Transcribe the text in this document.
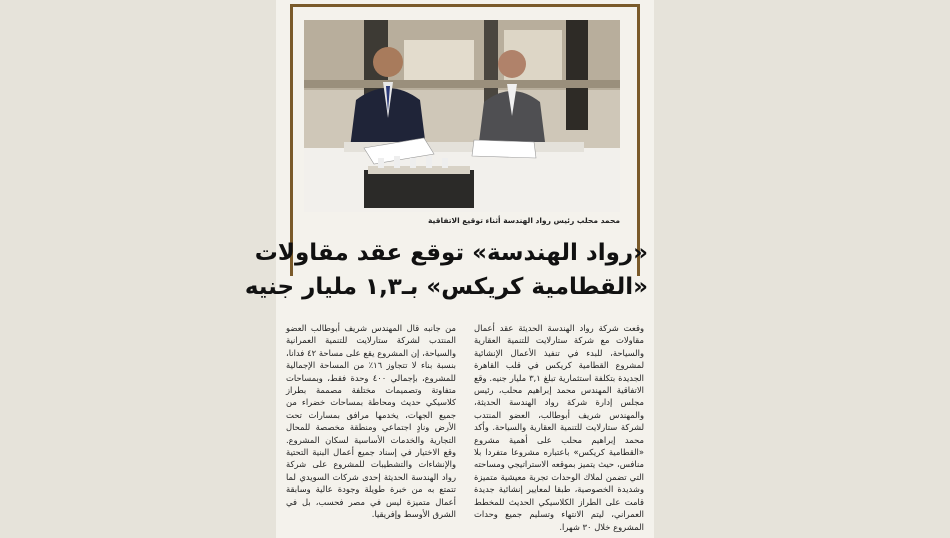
محمد محلب رئيس رواد الهندسة أثناء توقيع الاتفاقية
«رواد الهندسة» توقع عقد مقاولات
«القطامية كريكس» بـ١,٣ مليار جنيه

وقعت شركة رواد الهندسة الحديثة عقد أعمال مقاولات مع شركة ستارلايت للتنمية العقارية والسياحة، للبدء في تنفيذ الأعمال الإنشائية لمشروع القطامية كريكس في قلب القاهرة الجديدة بتكلفة استثمارية تبلغ ٣,١ مليار جنيه. وقع الاتفاقية المهندس محمد إبراهيم محلب، رئيس مجلس إدارة شركة رواد الهندسة الحديثة، والمهندس شريف أبوطالب، العضو المنتدب لشركة ستارلايت للتنمية العقارية والسياحة. وأكد محمد إبراهيم محلب على أهمية مشروع «القطامية كريكس» باعتباره مشروعا متفردا بلا منافس، حيث يتميز بموقعه الاستراتيجي ومساحته التي تضمن لملاك الوحدات تجربة معيشية متميزة وشديدة الخصوصية، طبقا لمعايير إنشائية جديدة قامت على الطراز الكلاسيكي الحديث للمخطط العمراني، ليتم الانتهاء وتسليم جميع وحدات المشروع خلال ٣٠ شهرا.

من جانبه قال المهندس شريف أبوطالب العضو المنتدب لشركة ستارلايت للتنمية العمرانية والسياحة، إن المشروع يقع على مساحة ٤٢ فدانا، بنسبة بناء لا تتجاوز ١٦٪ من المساحة الإجمالية للمشروع، بإجمالي ٤٠٠ وحدة فقط، وبمساحات متفاوتة وتصميمات مختلفة مصممة بطراز كلاسيكي حديث ومحاطة بمساحات خضراء من جميع الجهات، يخدمها مرافق بمسارات تحت الأرض ونادٍ اجتماعي ومنطقة مخصصة للمحال التجارية والخدمات الأساسية لسكان المشروع. وقع الاختيار في إسناد جميع أعمال البنية التحتية والإنشاءات والتشطيبات للمشروع على شركة رواد الهندسة الحديثة إحدى شركات السويدي لما تتمتع به من خبرة طويلة وجودة عالية وسابقة أعمال متميزة ليس في مصر فحسب، بل في الشرق الأوسط وإفريقيا.
